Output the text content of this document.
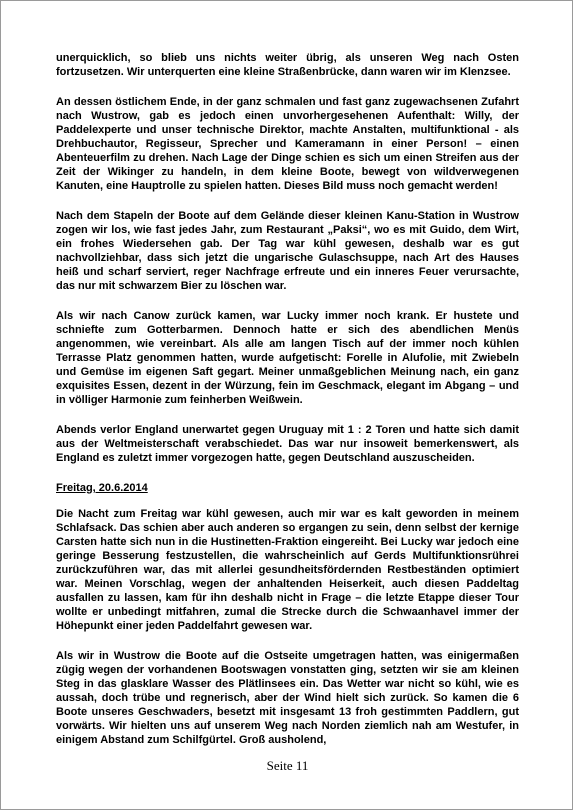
unerquicklich, so blieb uns nichts weiter übrig, als unseren Weg nach Osten fortzusetzen. Wir unterquerten eine kleine Straßenbrücke, dann waren wir im Klenzsee.

An dessen östlichem Ende, in der ganz schmalen und fast ganz zugewachsenen Zufahrt nach Wustrow, gab es jedoch einen unvorhergesehenen Aufenthalt: Willy, der Paddelexperte und unser technische Direktor, machte Anstalten, multifunktional - als Drehbuchautor, Regisseur, Sprecher und Kameramann in einer Person! – einen Abenteuerfilm zu drehen. Nach Lage der Dinge schien es sich um einen Streifen aus der Zeit der Wikinger zu handeln, in dem kleine Boote, bewegt von wildverwegenen Kanuten, eine Hauptrolle zu spielen hatten. Dieses Bild muss noch gemacht werden!

Nach dem Stapeln der Boote auf dem Gelände dieser kleinen Kanu-Station in Wustrow zogen wir los, wie fast jedes Jahr, zum Restaurant „Paksi“, wo es mit Guido, dem Wirt, ein frohes Wiedersehen gab. Der Tag war kühl gewesen, deshalb war es gut nachvollziehbar, dass sich jetzt die ungarische Gulaschsuppe, nach Art des Hauses heiß und scharf serviert, reger Nachfrage erfreute und ein inneres Feuer verursachte, das nur mit schwarzem Bier zu löschen war.

Als wir nach Canow zurück kamen, war Lucky immer noch krank. Er hustete und schniefte zum Gotterbarmen. Dennoch hatte er sich des abendlichen Menüs angenommen, wie vereinbart. Als alle am langen Tisch auf der immer noch kühlen Terrasse Platz genommen hatten, wurde aufgetischt: Forelle in Alufolie, mit Zwiebeln und Gemüse im eigenen Saft gegart. Meiner unmaßgeblichen Meinung nach, ein ganz exquisites Essen, dezent in der Würzung, fein im Geschmack, elegant im Abgang – und in völliger Harmonie zum feinherben Weißwein.

Abends verlor England unerwartet gegen Uruguay mit 1 : 2 Toren und hatte sich damit aus der Weltmeisterschaft verabschiedet. Das war nur insoweit bemerkenswert, als England es zuletzt immer vorgezogen hatte, gegen Deutschland auszuscheiden.

Freitag, 20.6.2014

Die Nacht zum Freitag war kühl gewesen, auch mir war es kalt geworden in meinem Schlafsack. Das schien aber auch anderen so ergangen zu sein, denn selbst der kernige Carsten hatte sich nun in die Hustinetten-Fraktion eingereiht. Bei Lucky war jedoch eine geringe Besserung festzustellen, die wahrscheinlich auf Gerds Multifunktionsrührei zurückzuführen war, das mit allerlei gesundheitsfördernden Restbeständen optimiert war. Meinen Vorschlag, wegen der anhaltenden Heiserkeit, auch diesen Paddeltag ausfallen zu lassen, kam für ihn deshalb nicht in Frage – die letzte Etappe dieser Tour wollte er unbedingt mitfahren, zumal die Strecke durch die Schwaanhavel immer der Höhepunkt einer jeden Paddelfahrt gewesen war.

Als wir in Wustrow die Boote auf die Ostseite umgetragen hatten, was einigermaßen zügig wegen der vorhandenen Bootswagen vonstatten ging, setzten wir sie am kleinen Steg in das glasklare Wasser des Plätlinsees ein. Das Wetter war nicht so kühl, wie es aussah, doch trübe und regnerisch, aber der Wind hielt sich zurück. So kamen die 6 Boote unseres Geschwaders, besetzt mit insgesamt 13 froh gestimmten Paddlern, gut vorwärts. Wir hielten uns auf unserem Weg nach Norden ziemlich nah am Westufer, in einigem Abstand zum Schilfgürtel. Groß ausholend,

Seite 11
